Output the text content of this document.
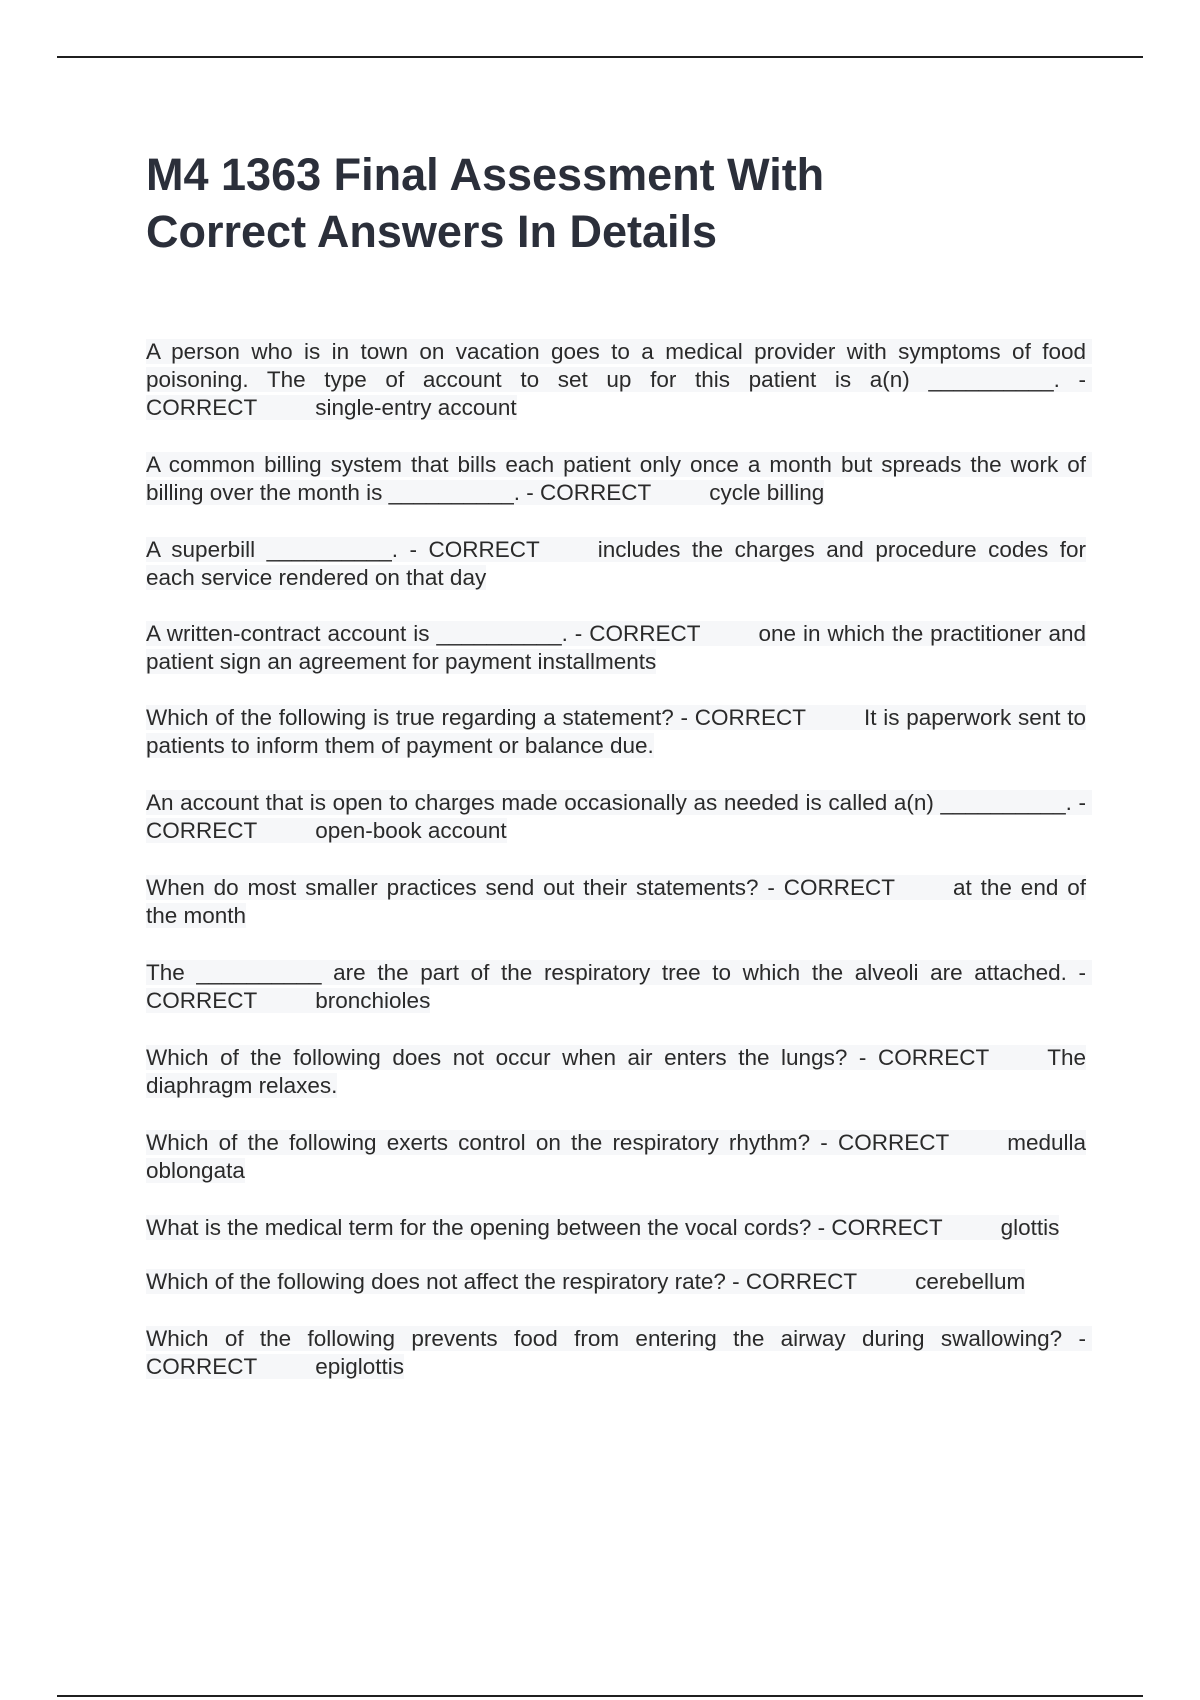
M4 1363 Final Assessment With
Correct Answers In Details
A person who is in town on vacation goes to a medical provider with symptoms of food poisoning. The type of account to set up for this patient is a(n) __________. - CORRECT	single-entry account
A common billing system that bills each patient only once a month but spreads the work of billing over the month is __________. - CORRECT	cycle billing
A superbill __________. - CORRECT	includes the charges and procedure codes for each service rendered on that day
A written-contract account is __________. - CORRECT	one in which the practitioner and patient sign an agreement for payment installments
Which of the following is true regarding a statement? - CORRECT	It is paperwork sent to patients to inform them of payment or balance due.
An account that is open to charges made occasionally as needed is called a(n) __________. - CORRECT	open-book account
When do most smaller practices send out their statements? - CORRECT	at the end of the month
The __________ are the part of the respiratory tree to which the alveoli are attached. - CORRECT	bronchioles
Which of the following does not occur when air enters the lungs? - CORRECT	The diaphragm relaxes.
Which of the following exerts control on the respiratory rhythm? - CORRECT	medulla oblongata
What is the medical term for the opening between the vocal cords? - CORRECT	glottis
Which of the following does not affect the respiratory rate? - CORRECT	cerebellum
Which of the following prevents food from entering the airway during swallowing? - CORRECT	epiglottis
